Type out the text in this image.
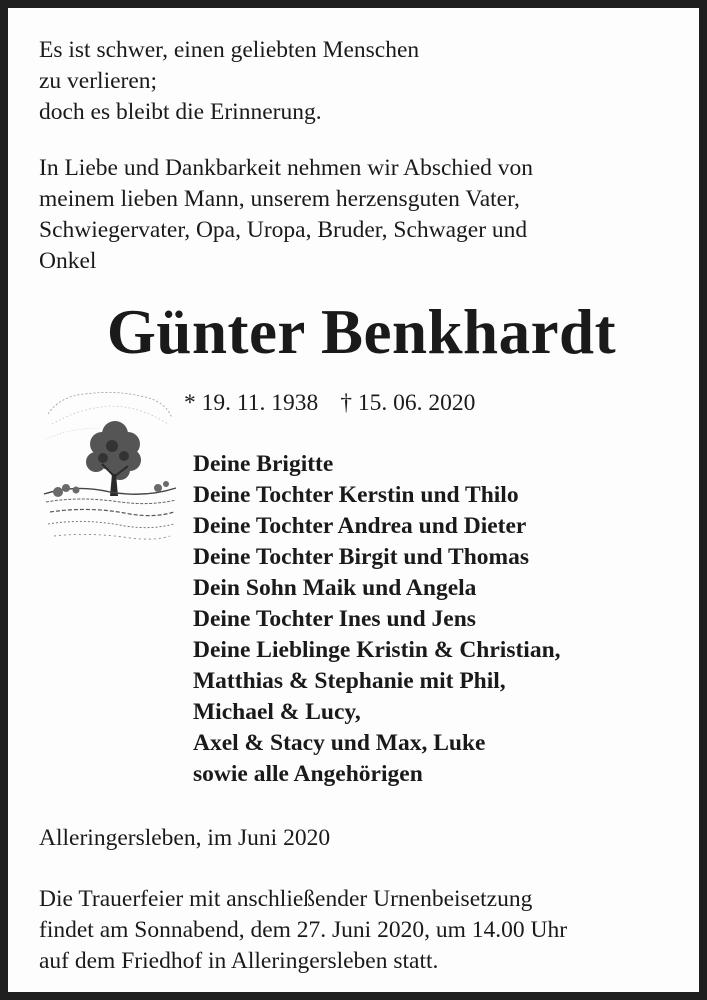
Es ist schwer, einen geliebten Menschen

zu verlieren;

doch es bleibt die Erinnerung.

In Liebe und Dankbarkeit nehmen wir Abschied von

meinem lieben Mann, unserem herzensguten Vater,

Schwiegervater, Opa, Uropa, Bruder, Schwager und

Onkel

Günter Benkhardt
* 19. 11. 1938 † 15. 06. 2020

Deine Brigitte

Deine Tochter Kerstin und Thilo

Deine Tochter Andrea und Dieter

Deine Tochter Birgit und Thomas

Dein Sohn Maik und Angela

Deine Tochter Ines und Jens

Deine Lieblinge Kristin & Christian,

Matthias & Stephanie mit Phil,

Michael & Lucy,

Axel & Stacy und Max, Luke

sowie alle Angehörigen

Alleringersleben, im Juni 2020

Die Trauerfeier mit anschließender Urnenbeisetzung

findet am Sonnabend, dem 27. Juni 2020, um 14.00 Uhr

auf dem Friedhof in Alleringersleben statt.
